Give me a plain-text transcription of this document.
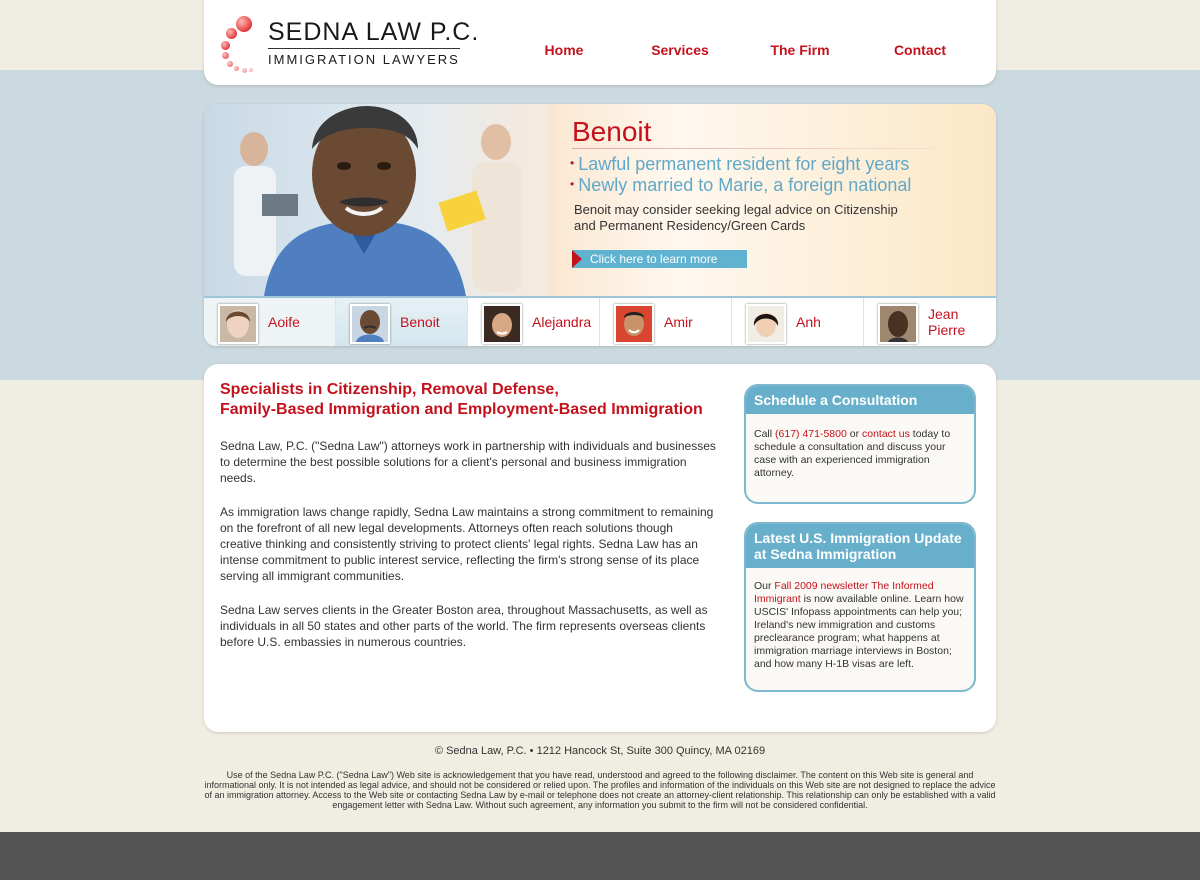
SEDNA LAW P.C.
IMMIGRATION LAWYERS
Home	Services	The Firm	Contact
Benoit
• Lawful permanent resident for eight years
• Newly married to Marie, a foreign national
Benoit may consider seeking legal advice on Citizenship and Permanent Residency/Green Cards
Click here to learn more
Aoife	Benoit	Alejandra	Amir	Anh	Jean Pierre
Specialists in Citizenship, Removal Defense,
Family-Based Immigration and Employment-Based Immigration

Sedna Law, P.C. ("Sedna Law") attorneys work in partnership with individuals and businesses to determine the best possible solutions for a client's personal and business immigration needs.

As immigration laws change rapidly, Sedna Law maintains a strong commitment to remaining on the forefront of all new legal developments. Attorneys often reach solutions though creative thinking and consistently striving to protect clients' legal rights. Sedna Law has an intense commitment to public interest service, reflecting the firm's strong sense of its place serving all immigrant communities.

Sedna Law serves clients in the Greater Boston area, throughout Massachusetts, as well as individuals in all 50 states and other parts of the world. The firm represents overseas clients before U.S. embassies in numerous countries.

Schedule a Consultation
Call (617) 471-5800 or contact us today to schedule a consultation and discuss your case with an experienced immigration attorney.
Latest U.S. Immigration Update at Sedna Immigration
Our Fall 2009 newsletter The Informed Immigrant is now available online. Learn how USCIS' Infopass appointments can help you; Ireland's new immigration and customs preclearance program; what happens at immigration marriage interviews in Boston; and how many H-1B visas are left.
© Sedna Law, P.C. • 1212 Hancock St, Suite 300 Quincy, MA 02169
Use of the Sedna Law P.C. ("Sedna Law") Web site is acknowledgement that you have read, understood and agreed to the following disclaimer. The content on this Web site is general and informational only. It is not intended as legal advice, and should not be considered or relied upon. The profiles and information of the individuals on this Web site are not designed to replace the advice of an immigration attorney. Access to the Web site or contacting Sedna Law by e-mail or telephone does not create an attorney-client relationship. This relationship can only be established with a valid engagement letter with Sedna Law. Without such agreement, any information you submit to the firm will not be considered confidential.
